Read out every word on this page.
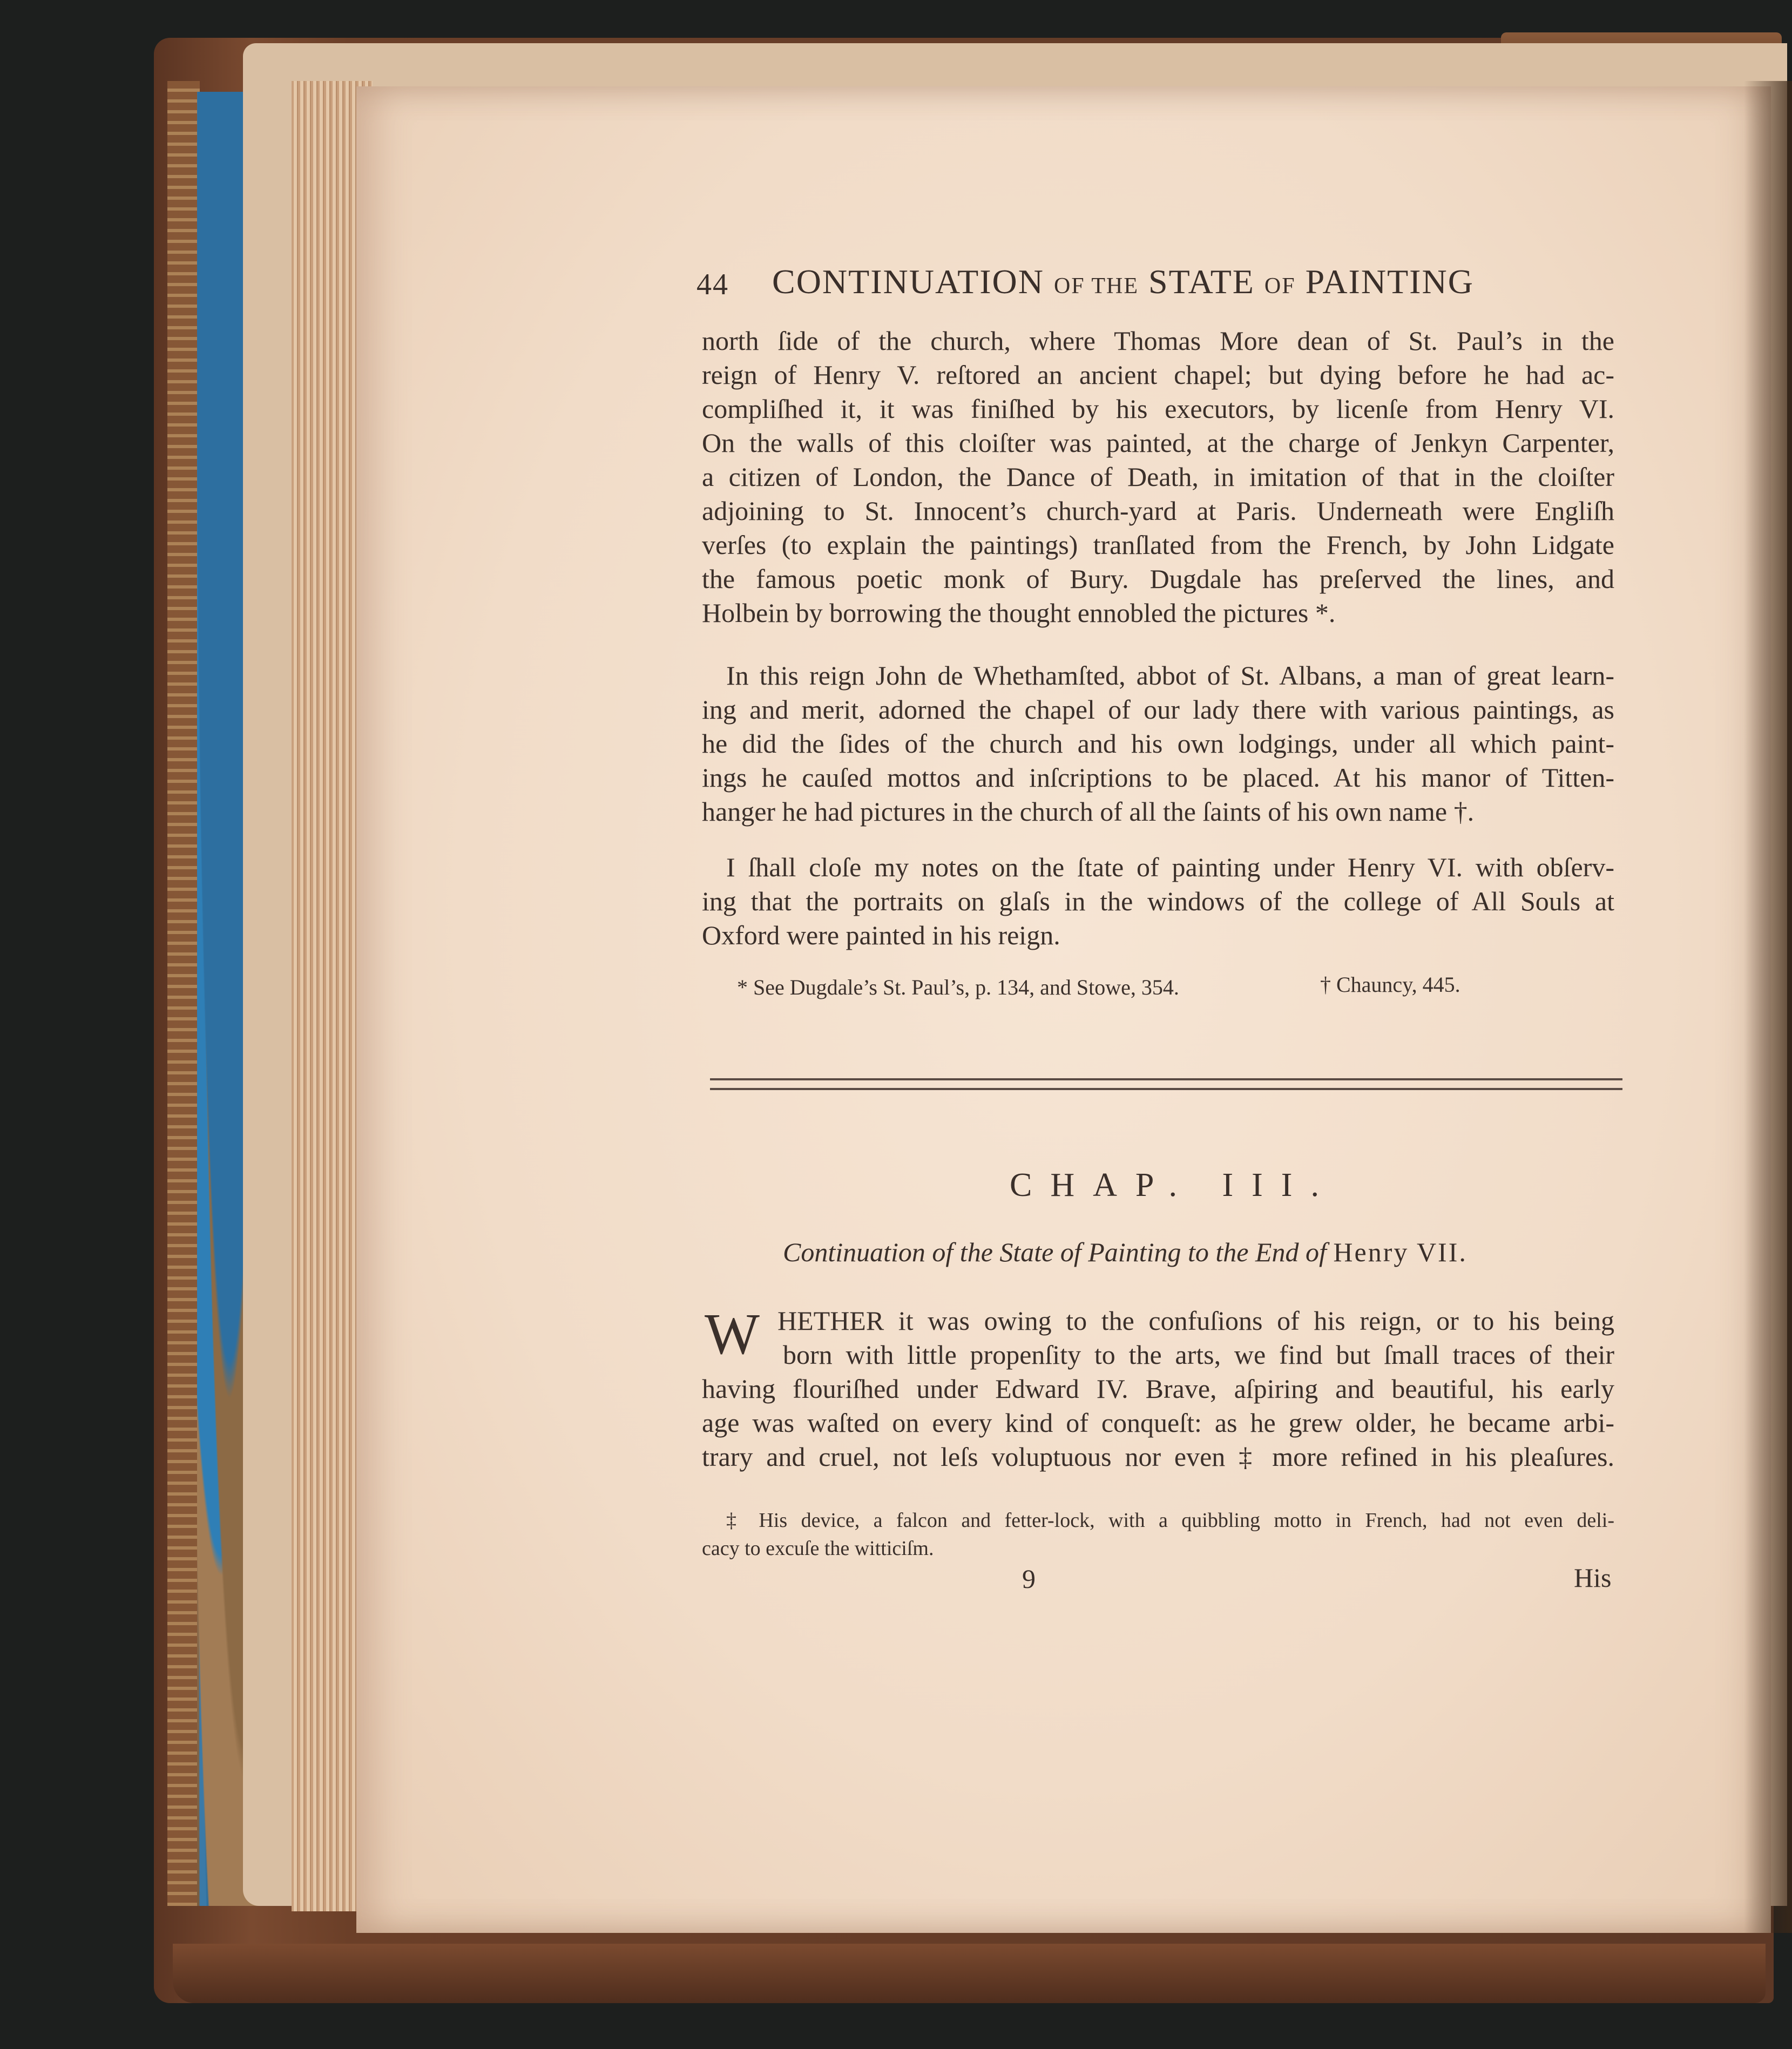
44 CONTINUATION OF THE STATE OF PAINTING
north ſide of the church, where Thomas More dean of St. Paul’s in the
reign of Henry V. reſtored an ancient chapel; but dying before he had ac-
compliſhed it, it was finiſhed by his executors, by licenſe from Henry VI.
On the walls of this cloiſter was painted, at the charge of Jenkyn Carpenter,
a citizen of London, the Dance of Death, in imitation of that in the cloiſter
adjoining to St. Innocent’s church-yard at Paris. Underneath were Engliſh
verſes (to explain the paintings) tranſlated from the French, by John Lidgate
the famous poetic monk of Bury. Dugdale has preſerved the lines, and
Holbein by borrowing the thought ennobled the pictures *.
In this reign John de Whethamſted, abbot of St. Albans, a man of great learn-
ing and merit, adorned the chapel of our lady there with various paintings, as
he did the ſides of the church and his own lodgings, under all which paint-
ings he cauſed mottos and inſcriptions to be placed. At his manor of Titten-
hanger he had pictures in the church of all the ſaints of his own name †.
I ſhall cloſe my notes on the ſtate of painting under Henry VI. with obſerv-
ing that the portraits on glaſs in the windows of the college of All Souls at
Oxford were painted in his reign.
* See Dugdale’s St. Paul’s, p. 134, and Stowe, 354.	† Chauncy, 445.
CHAP. III.
Continuation of the State of Painting to the End of Henry VII.
W HETHER it was owing to the confuſions of his reign, or to his being
born with little propenſity to the arts, we find but ſmall traces of their
having flouriſhed under Edward IV. Brave, aſpiring and beautiful, his early
age was waſted on every kind of conqueſt: as he grew older, he became arbi-
trary and cruel, not leſs voluptuous nor even ‡ more refined in his pleaſures.
‡ His device, a falcon and fetter-lock, with a quibbling motto in French, had not even deli-
cacy to excuſe the witticiſm.
9	His
